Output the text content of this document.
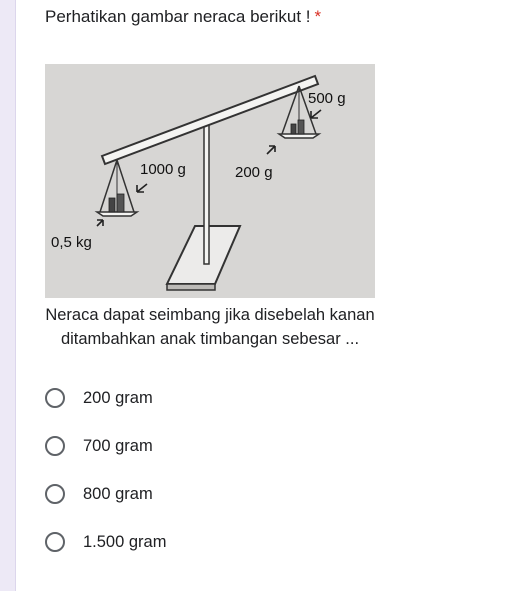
Perhatikan gambar neraca berikut ! *
0,5 kg
1000 g	200 g
500 g
Neraca dapat seimbang jika disebelah kanan ditambahkan anak timbangan sebesar ...
200 gram
700 gram
800 gram
1.500 gram
